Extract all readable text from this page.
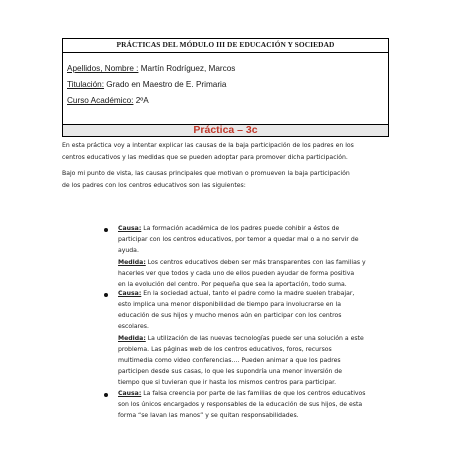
PRÁCTICAS DEL MÓDULO III DE EDUCACIÓN Y SOCIEDAD
Apellidos, Nombre : Martín Rodríguez, Marcos
Titulación: Grado en Maestro de E. Primaria
Curso Académico: 2ºA
Práctica – 3c
En esta práctica voy a intentar explicar las causas de la baja participación de los padres en los
centros educativos y las medidas que se pueden adoptar para promover dicha participación.
Bajo mi punto de vista, las causas principales que motivan o promueven la baja participación
de los padres con los centros educativos son las siguientes:
Causa: La formación académica de los padres puede cohibir a éstos de
participar con los centros educativos, por temor a quedar mal o a no servir de
ayuda.
Medida: Los centros educativos deben ser más transparentes con las familias y
hacerles ver que todos y cada uno de ellos pueden ayudar de forma positiva
en la evolución del centro. Por pequeña que sea la aportación, todo suma.
Causa: En la sociedad actual, tanto el padre como la madre suelen trabajar,
esto implica una menor disponibilidad de tiempo para involucrarse en la
educación de sus hijos y mucho menos aún en participar con los centros
escolares.
Medida: La utilización de las nuevas tecnologías puede ser una solución a este
problema. Las páginas web de los centros educativos, foros, recursos
multimedia como video conferencias…. Pueden animar a que los padres
participen desde sus casas, lo que les supondría una menor inversión de
tiempo que si tuvieran que ir hasta los mismos centros para participar.
Causa: La falsa creencia por parte de las familias de que los centros educativos
son los únicos encargados y responsables de la educación de sus hijos, de esta
forma “se lavan las manos” y se quitan responsabilidades.
